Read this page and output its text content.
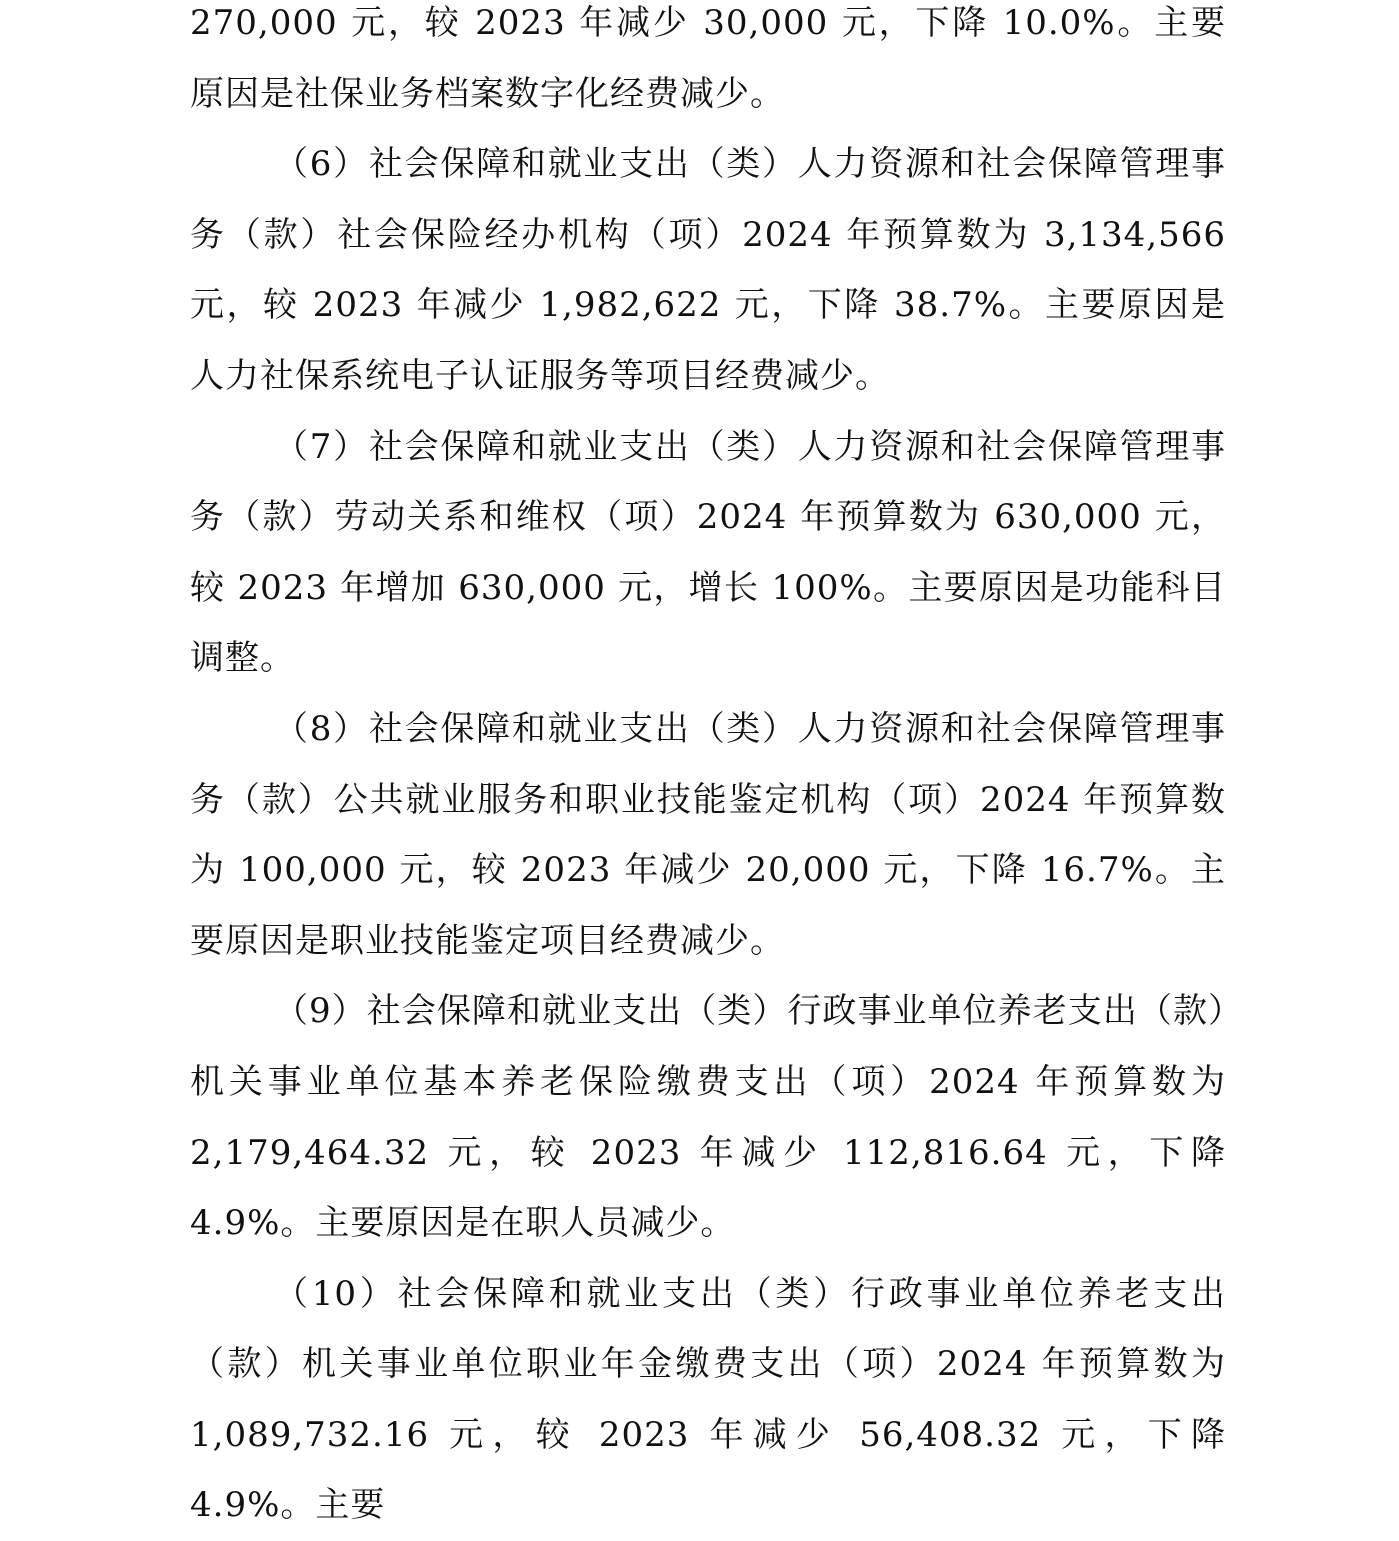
270,000 元，较 2023 年减少 30,000 元，下降 10.0%。主要原因是社保业务档案数字化经费减少。

（6）社会保障和就业支出（类）人力资源和社会保障管理事务（款）社会保险经办机构（项）2024 年预算数为 3,134,566 元，较 2023 年减少 1,982,622 元，下降 38.7%。主要原因是人力社保系统电子认证服务等项目经费减少。

（7）社会保障和就业支出（类）人力资源和社会保障管理事务（款）劳动关系和维权（项）2024 年预算数为 630,000 元，较 2023 年增加 630,000 元，增长 100%。主要原因是功能科目调整。

（8）社会保障和就业支出（类）人力资源和社会保障管理事务（款）公共就业服务和职业技能鉴定机构（项）2024 年预算数为 100,000 元，较 2023 年减少 20,000 元，下降 16.7%。主要原因是职业技能鉴定项目经费减少。

（9）社会保障和就业支出（类）行政事业单位养老支出（款）机关事业单位基本养老保险缴费支出（项）2024 年预算数为 2,179,464.32 元，较 2023 年减少 112,816.64 元，下降 4.9%。主要原因是在职人员减少。

（10）社会保障和就业支出（类）行政事业单位养老支出（款）机关事业单位职业年金缴费支出（项）2024 年预算数为 1,089,732.16 元，较 2023 年减少 56,408.32 元，下降 4.9%。主要
